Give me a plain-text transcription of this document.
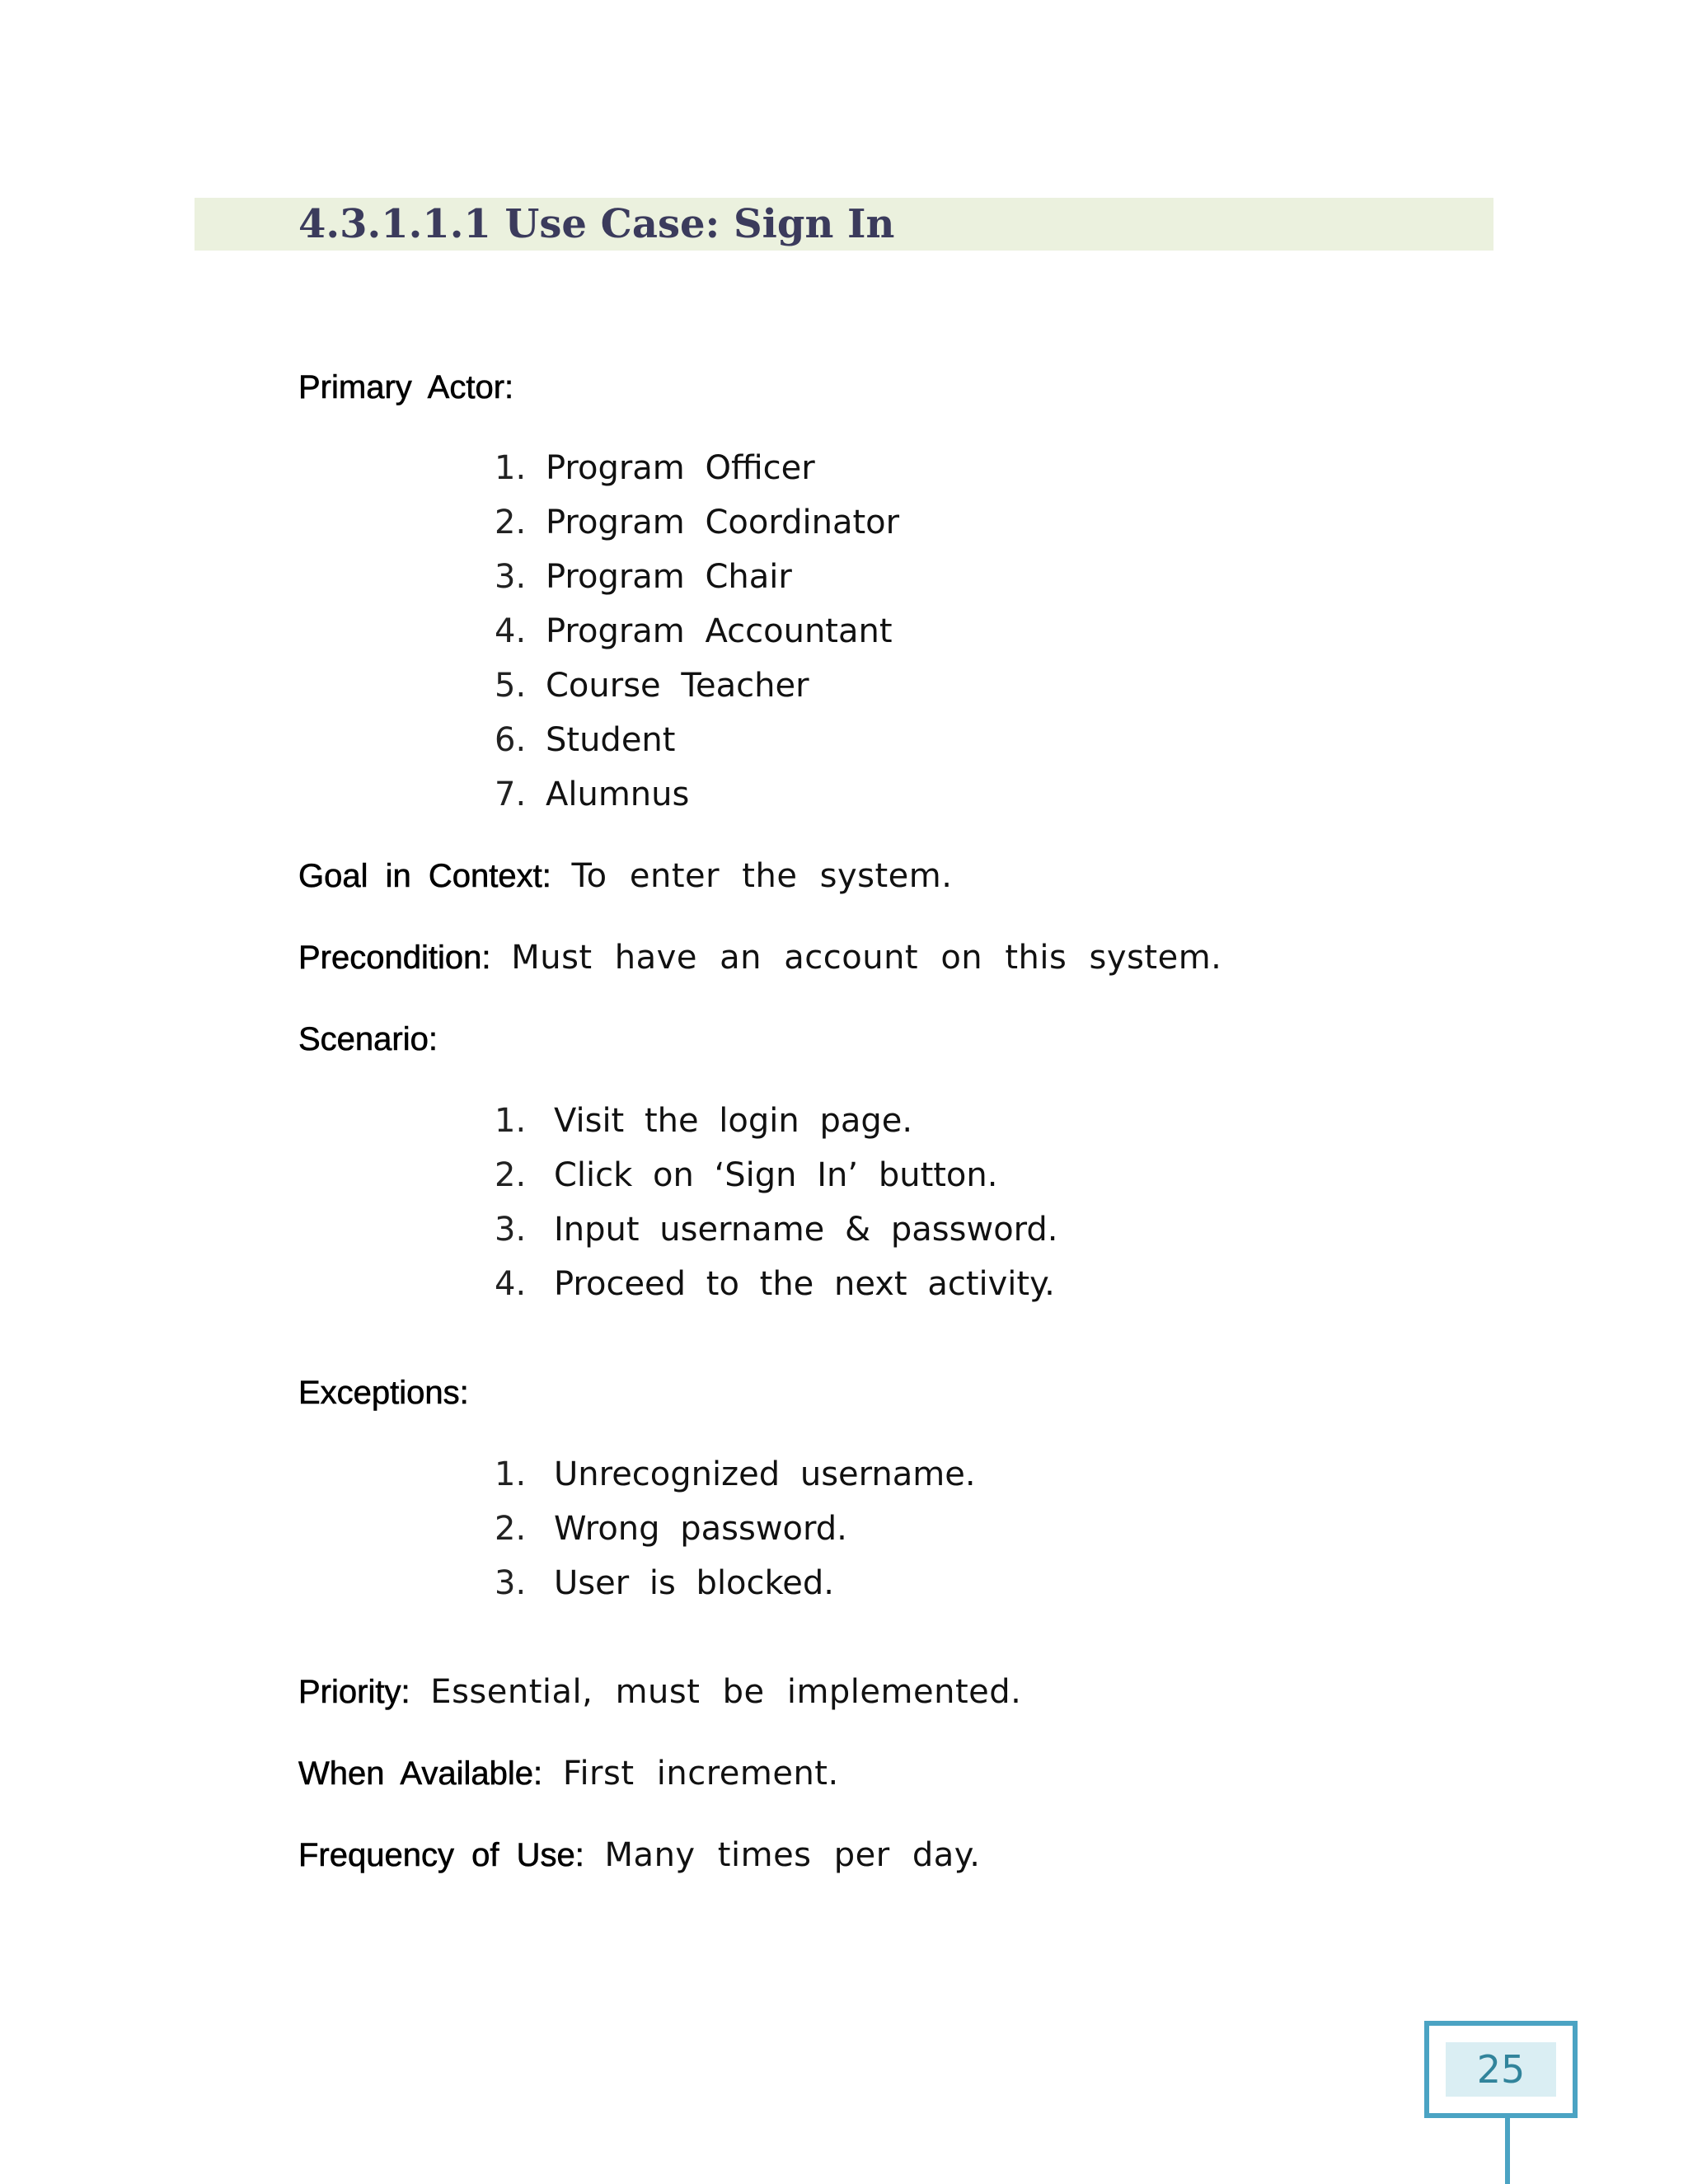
4.3.1.1.1 Use Case: Sign In
Primary Actor:
1. Program Officer
2. Program Coordinator
3. Program Chair
4. Program Accountant
5. Course Teacher
6. Student
7. Alumnus
Goal in Context: To enter the system.
Precondition: Must have an account on this system.
Scenario:
1. Visit the login page.
2. Click on ‘Sign In’ button.
3. Input username & password.
4. Proceed to the next activity.
Exceptions:
1. Unrecognized username.
2. Wrong password.
3. User is blocked.
Priority: Essential, must be implemented.
When Available: First increment.
Frequency of Use: Many times per day.
25
